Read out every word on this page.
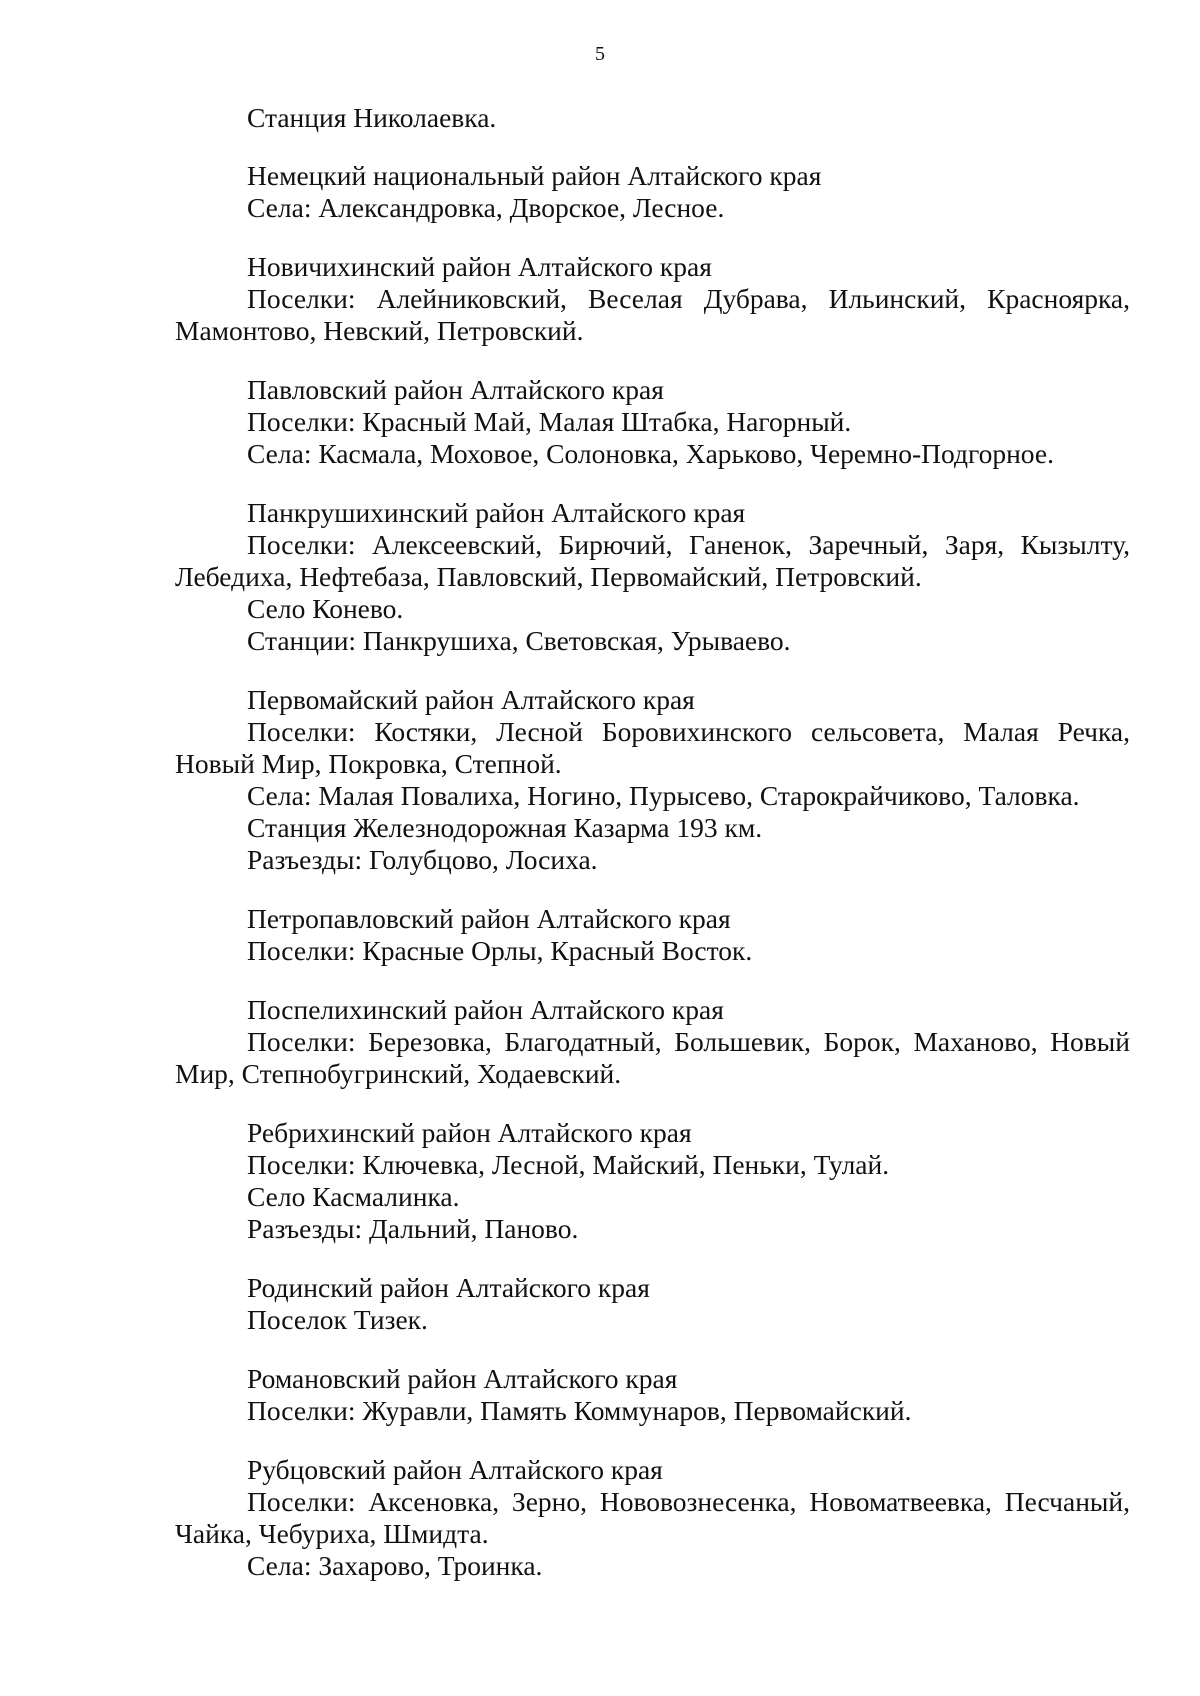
5

Станция Николаевка.

Немецкий национальный район Алтайского края

Села: Александровка, Дворское, Лесное.

Новичихинский район Алтайского края

Поселки: Алейниковский, Веселая Дубрава, Ильинский, Красноярка, Мамонтово, Невский, Петровский.

Павловский район Алтайского края

Поселки: Красный Май, Малая Штабка, Нагорный.

Села: Касмала, Моховое, Солоновка, Харьково, Черемно-Подгорное.

Панкрушихинский район Алтайского края

Поселки: Алексеевский, Бирючий, Ганенок, Заречный, Заря, Кызылту, Лебедиха, Нефтебаза, Павловский, Первомайский, Петровский.

Село Конево.

Станции: Панкрушиха, Световская, Урываево.

Первомайский район Алтайского края

Поселки: Костяки, Лесной Боровихинского сельсовета, Малая Речка, Новый Мир, Покровка, Степной.

Села: Малая Повалиха, Ногино, Пурысево, Старокрайчиково, Таловка.

Станция Железнодорожная Казарма 193 км.

Разъезды: Голубцово, Лосиха.

Петропавловский район Алтайского края

Поселки: Красные Орлы, Красный Восток.

Поспелихинский район Алтайского края

Поселки: Березовка, Благодатный, Большевик, Борок, Маханово, Новый Мир, Степнобугринский, Ходаевский.

Ребрихинский район Алтайского края

Поселки: Ключевка, Лесной, Майский, Пеньки, Тулай.

Село Касмалинка.

Разъезды: Дальний, Паново.

Родинский район Алтайского края

Поселок Тизек.

Романовский район Алтайского края

Поселки: Журавли, Память Коммунаров, Первомайский.

Рубцовский район Алтайского края

Поселки: Аксеновка, Зерно, Нововознесенка, Новоматвеевка, Песчаный, Чайка, Чебуриха, Шмидта.

Села: Захарово, Троинка.
